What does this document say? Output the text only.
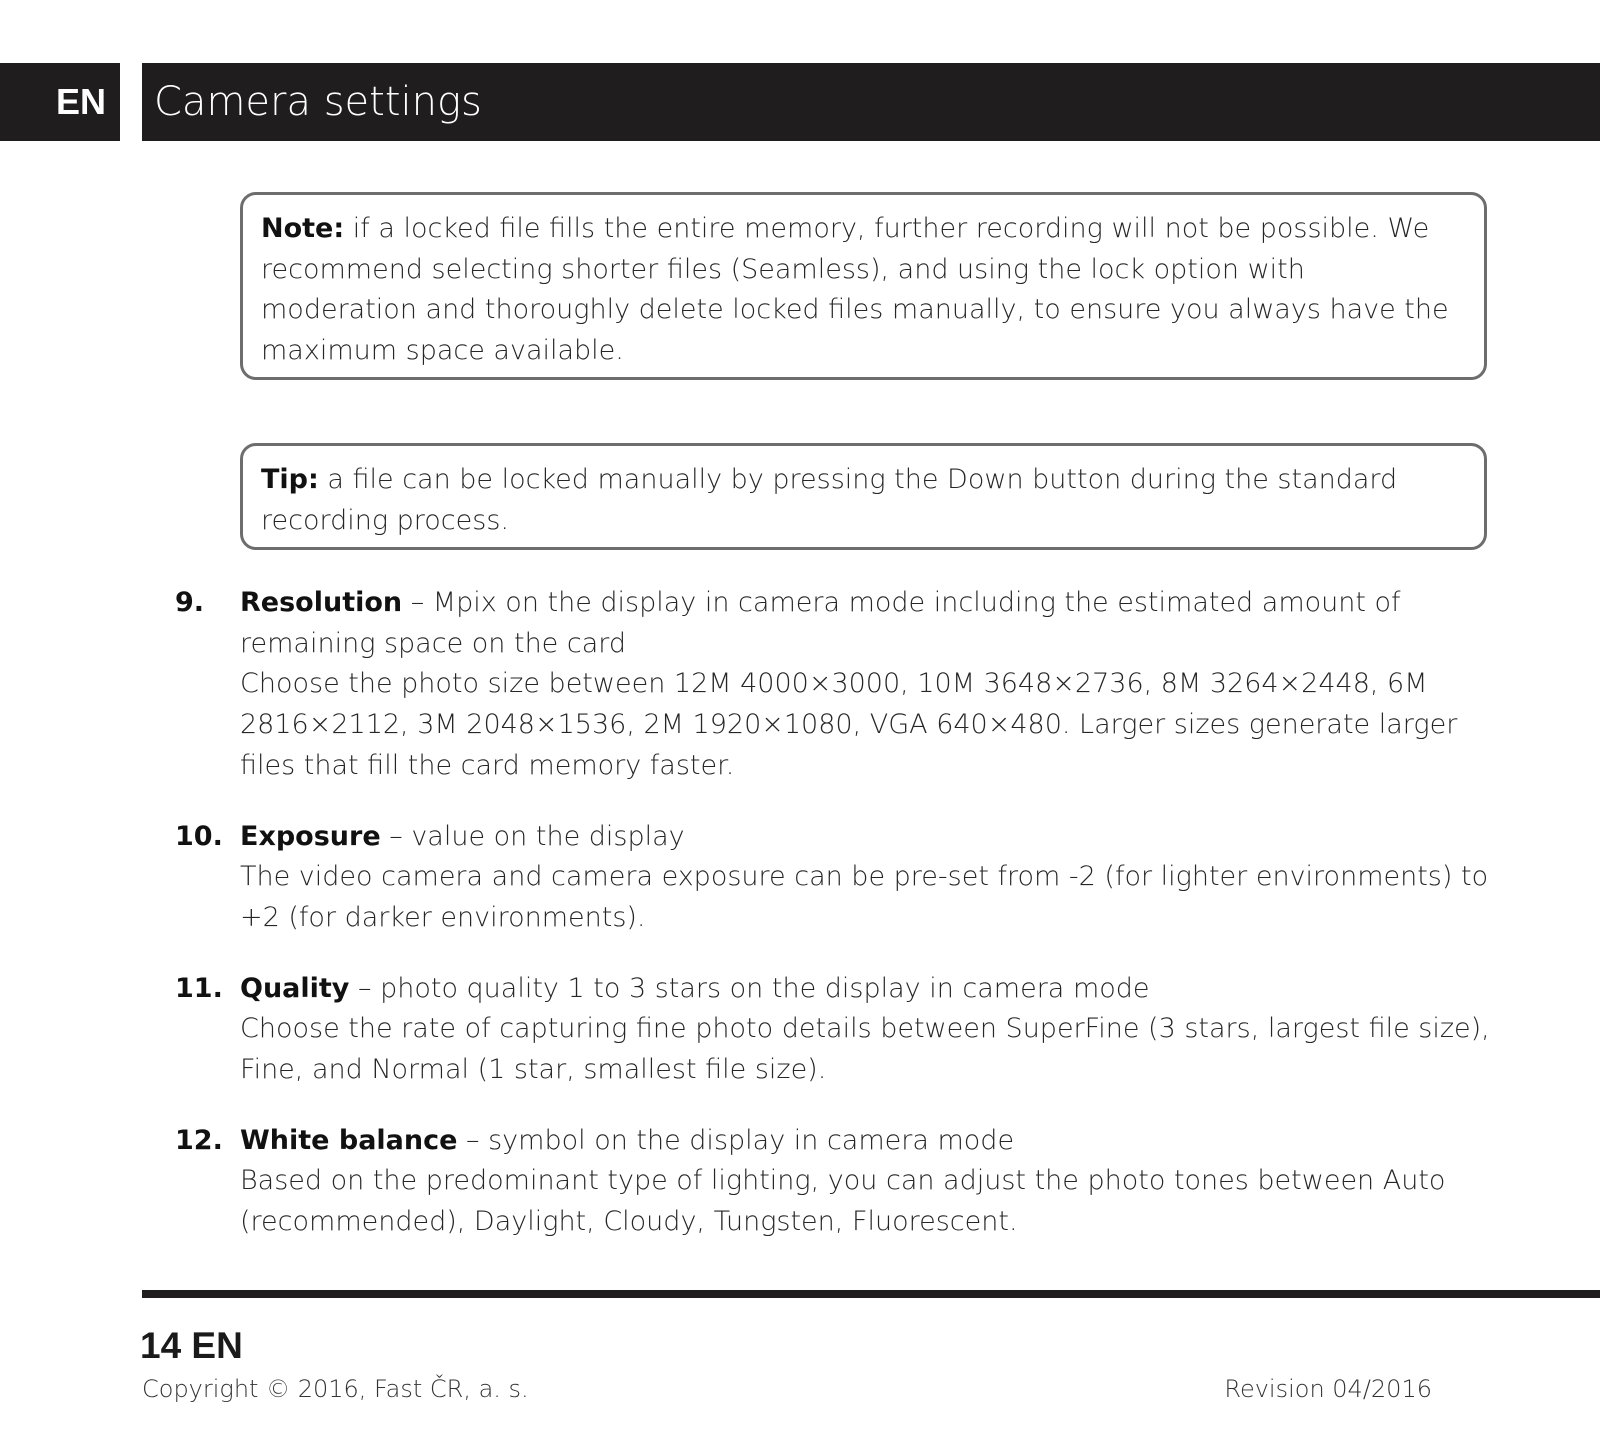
EN	Camera settings
Note: if a locked file fills the entire memory, further recording will not be possible. We recommend selecting shorter files (Seamless), and using the lock option with moderation and thoroughly delete locked files manually, to ensure you always have the maximum space available.
Tip: a file can be locked manually by pressing the Down button during the standard recording process.
9. Resolution – Mpix on the display in camera mode including the estimated amount of remaining space on the card
Choose the photo size between 12M 4000×3000, 10M 3648×2736, 8M 3264×2448, 6M 2816×2112, 3M 2048×1536, 2M 1920×1080, VGA 640×480. Larger sizes generate larger files that fill the card memory faster.
10. Exposure – value on the display
The video camera and camera exposure can be pre-set from -2 (for lighter environments) to +2 (for darker environments).
11. Quality – photo quality 1 to 3 stars on the display in camera mode
Choose the rate of capturing fine photo details between SuperFine (3 stars, largest file size), Fine, and Normal (1 star, smallest file size).
12. White balance – symbol on the display in camera mode
Based on the predominant type of lighting, you can adjust the photo tones between Auto (recommended), Daylight, Cloudy, Tungsten, Fluorescent.
14 EN
Copyright © 2016, Fast ČR, a. s.	Revision 04/2016
